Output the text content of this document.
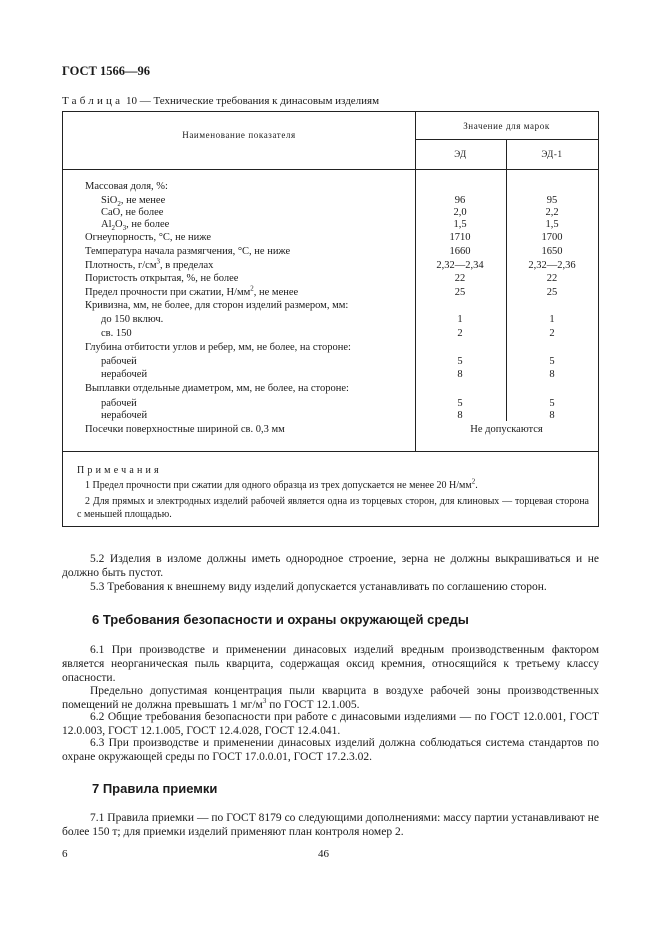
ГОСТ 1566—96
Таблица 10 — Технические требования к динасовым изделиям
Наименование показателя
Значение для марок
ЭД	ЭД-1
Массовая доля, %:
SiO$_2$, не менее	96	95
CaO, не более	2,0	2,2
$Al_2O_3$, не более	1,5	1,5
Огнеупорность, °С, не ниже	1710	1700
Температура начала размягчения, °С, не ниже	1660	1650
Плотность, $г/см^3$, в пределах	2,32—2,34	2,32—2,36
Пористость открытая, %, не более	22	22
Предел прочности при сжатии, $Н/мм^2$, не менее	25	25
Кривизна, мм, не более, для сторон изделий размером, мм:
до 150 включ.	1	1
св. 150	2	2
Глубина отбитости углов и ребер, мм, не более, на стороне:
рабочей	5	5
нерабочей	8	8
Выплавки отдельные диаметром, мм, не более, на стороне:
рабочей	5	5
нерабочей	8	8
Посечки поверхностные шириной св. 0,3 мм	Не допускаются
Примечания

1 Предел прочности при сжатии для одного образца из трех допускается не менее 20 $Н/мм^2$.

2 Для прямых и электродных изделий рабочей является одна из торцевых сторон, для клиновых — торцевая сторона с меньшей площадью.

5.2 Изделия в изломе должны иметь однородное строение, зерна не должны выкрашиваться и не должно быть пустот.

5.3 Требования к внешнему виду изделий допускается устанавливать по соглашению сторон.

6 Требования безопасности и охраны окружающей среды

6.1 При производстве и применении динасовых изделий вредным производственным фактором является неорганическая пыль кварцита, содержащая оксид кремния, относящийся к третьему классу опасности.

Предельно допустимая концентрация пыли кварцита в воздухе рабочей зоны производственных помещений не должна превышать 1 $мг/м^3$ по ГОСТ 12.1.005.

6.2 Общие требования безопасности при работе с динасовыми изделиями — по ГОСТ 12.0.001, ГОСТ 12.0.003, ГОСТ 12.1.005, ГОСТ 12.4.028, ГОСТ 12.4.041.

6.3 При производстве и применении динасовых изделий должна соблюдаться система стандартов по охране окружающей среды по ГОСТ 17.0.0.01, ГОСТ 17.2.3.02.

7 Правила приемки

7.1 Правила приемки — по ГОСТ 8179 со следующими дополнениями: массу партии устанавливают не более 150 т; для приемки изделий применяют план контроля номер 2.

6	46
